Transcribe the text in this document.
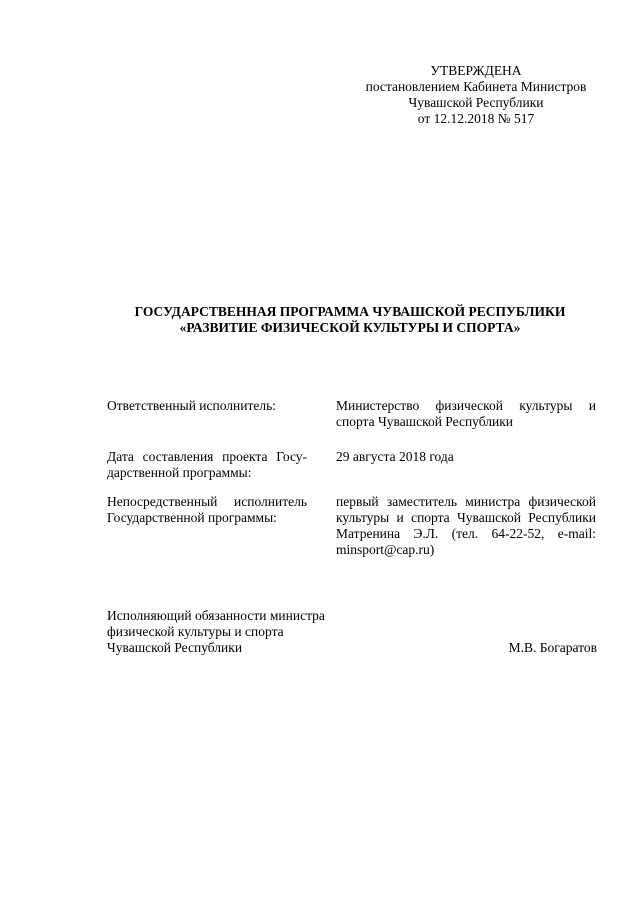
УТВЕРЖДЕНА
постановлением Кабинета Министров
Чувашской Республики
от 12.12.2018 № 517
ГОСУДАРСТВЕННАЯ ПРОГРАММА ЧУВАШСКОЙ РЕСПУБЛИКИ
«РАЗВИТИЕ ФИЗИЧЕСКОЙ КУЛЬТУРЫ И СПОРТА»
Ответственный исполнитель:	Министерство физической культуры и
спорта Чувашской Республики
Дата составления проекта Госу-
дарственной программы:
29 августа 2018 года
Непосредственный исполнитель
Государственной программы:
первый заместитель министра физической
культуры и спорта Чувашской Республики
Матренина Э.Л. (тел. 64-22-52, e-mail:
minsport@cap.ru)
Исполняющий обязанности министра
физической культуры и спорта
Чувашской Республики	М.В. Богаратов
